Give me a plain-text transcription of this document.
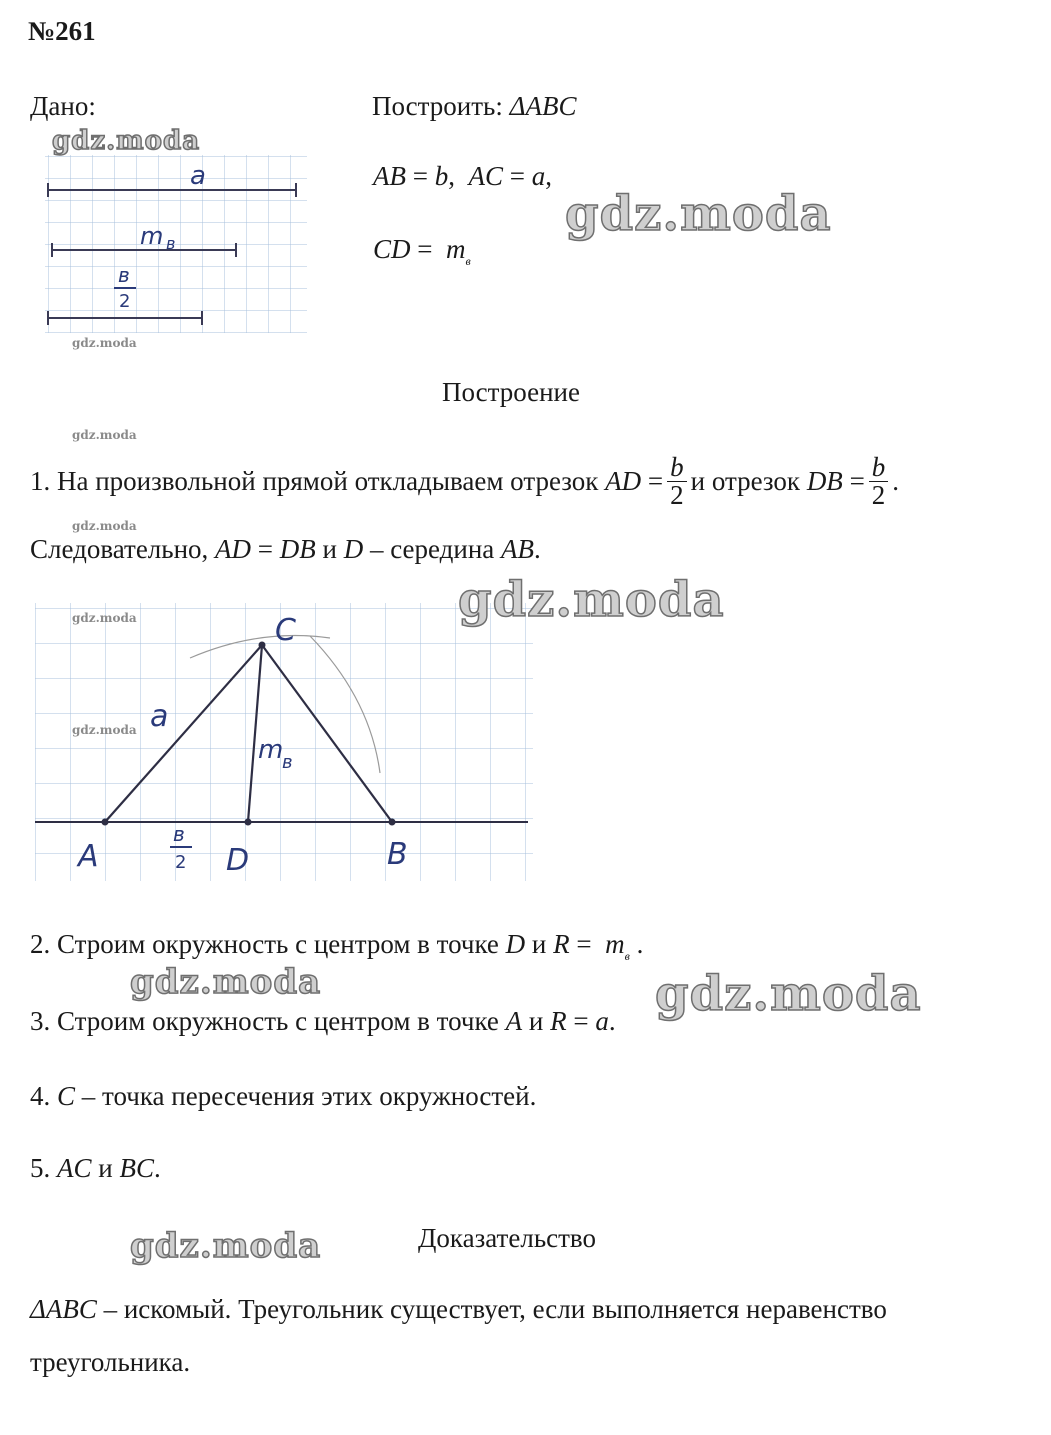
№261
Дано:	Построить: ΔABC
AB = b,  AC = a,
CD =  $m_в$
a
m в
в
2
Построение
1. На произвольной прямой откладываем отрезок
AD = $\frac{b}{2}$ и отрезок
DB = $\frac{b}{2}$ .
Следовательно, AD = DB и D – середина AB.
C
a
m
в
в
2
A	D	B
2. Строим окружность с центром в точке D и $R = m_в$ .
3. Строим окружность с центром в точке A и R = a.
4. C – точка пересечения этих окружностей.
5. AC и BC.
Доказательство
ΔABC – искомый. Треугольник существует, если выполняется неравенство
треугольника.
gdz.moda
gdz.moda
gdz.moda
gdz.moda	gdz.moda
gdz.moda
gdz.moda
gdz.moda
gdz.moda
gdz.moda
gdz.moda
